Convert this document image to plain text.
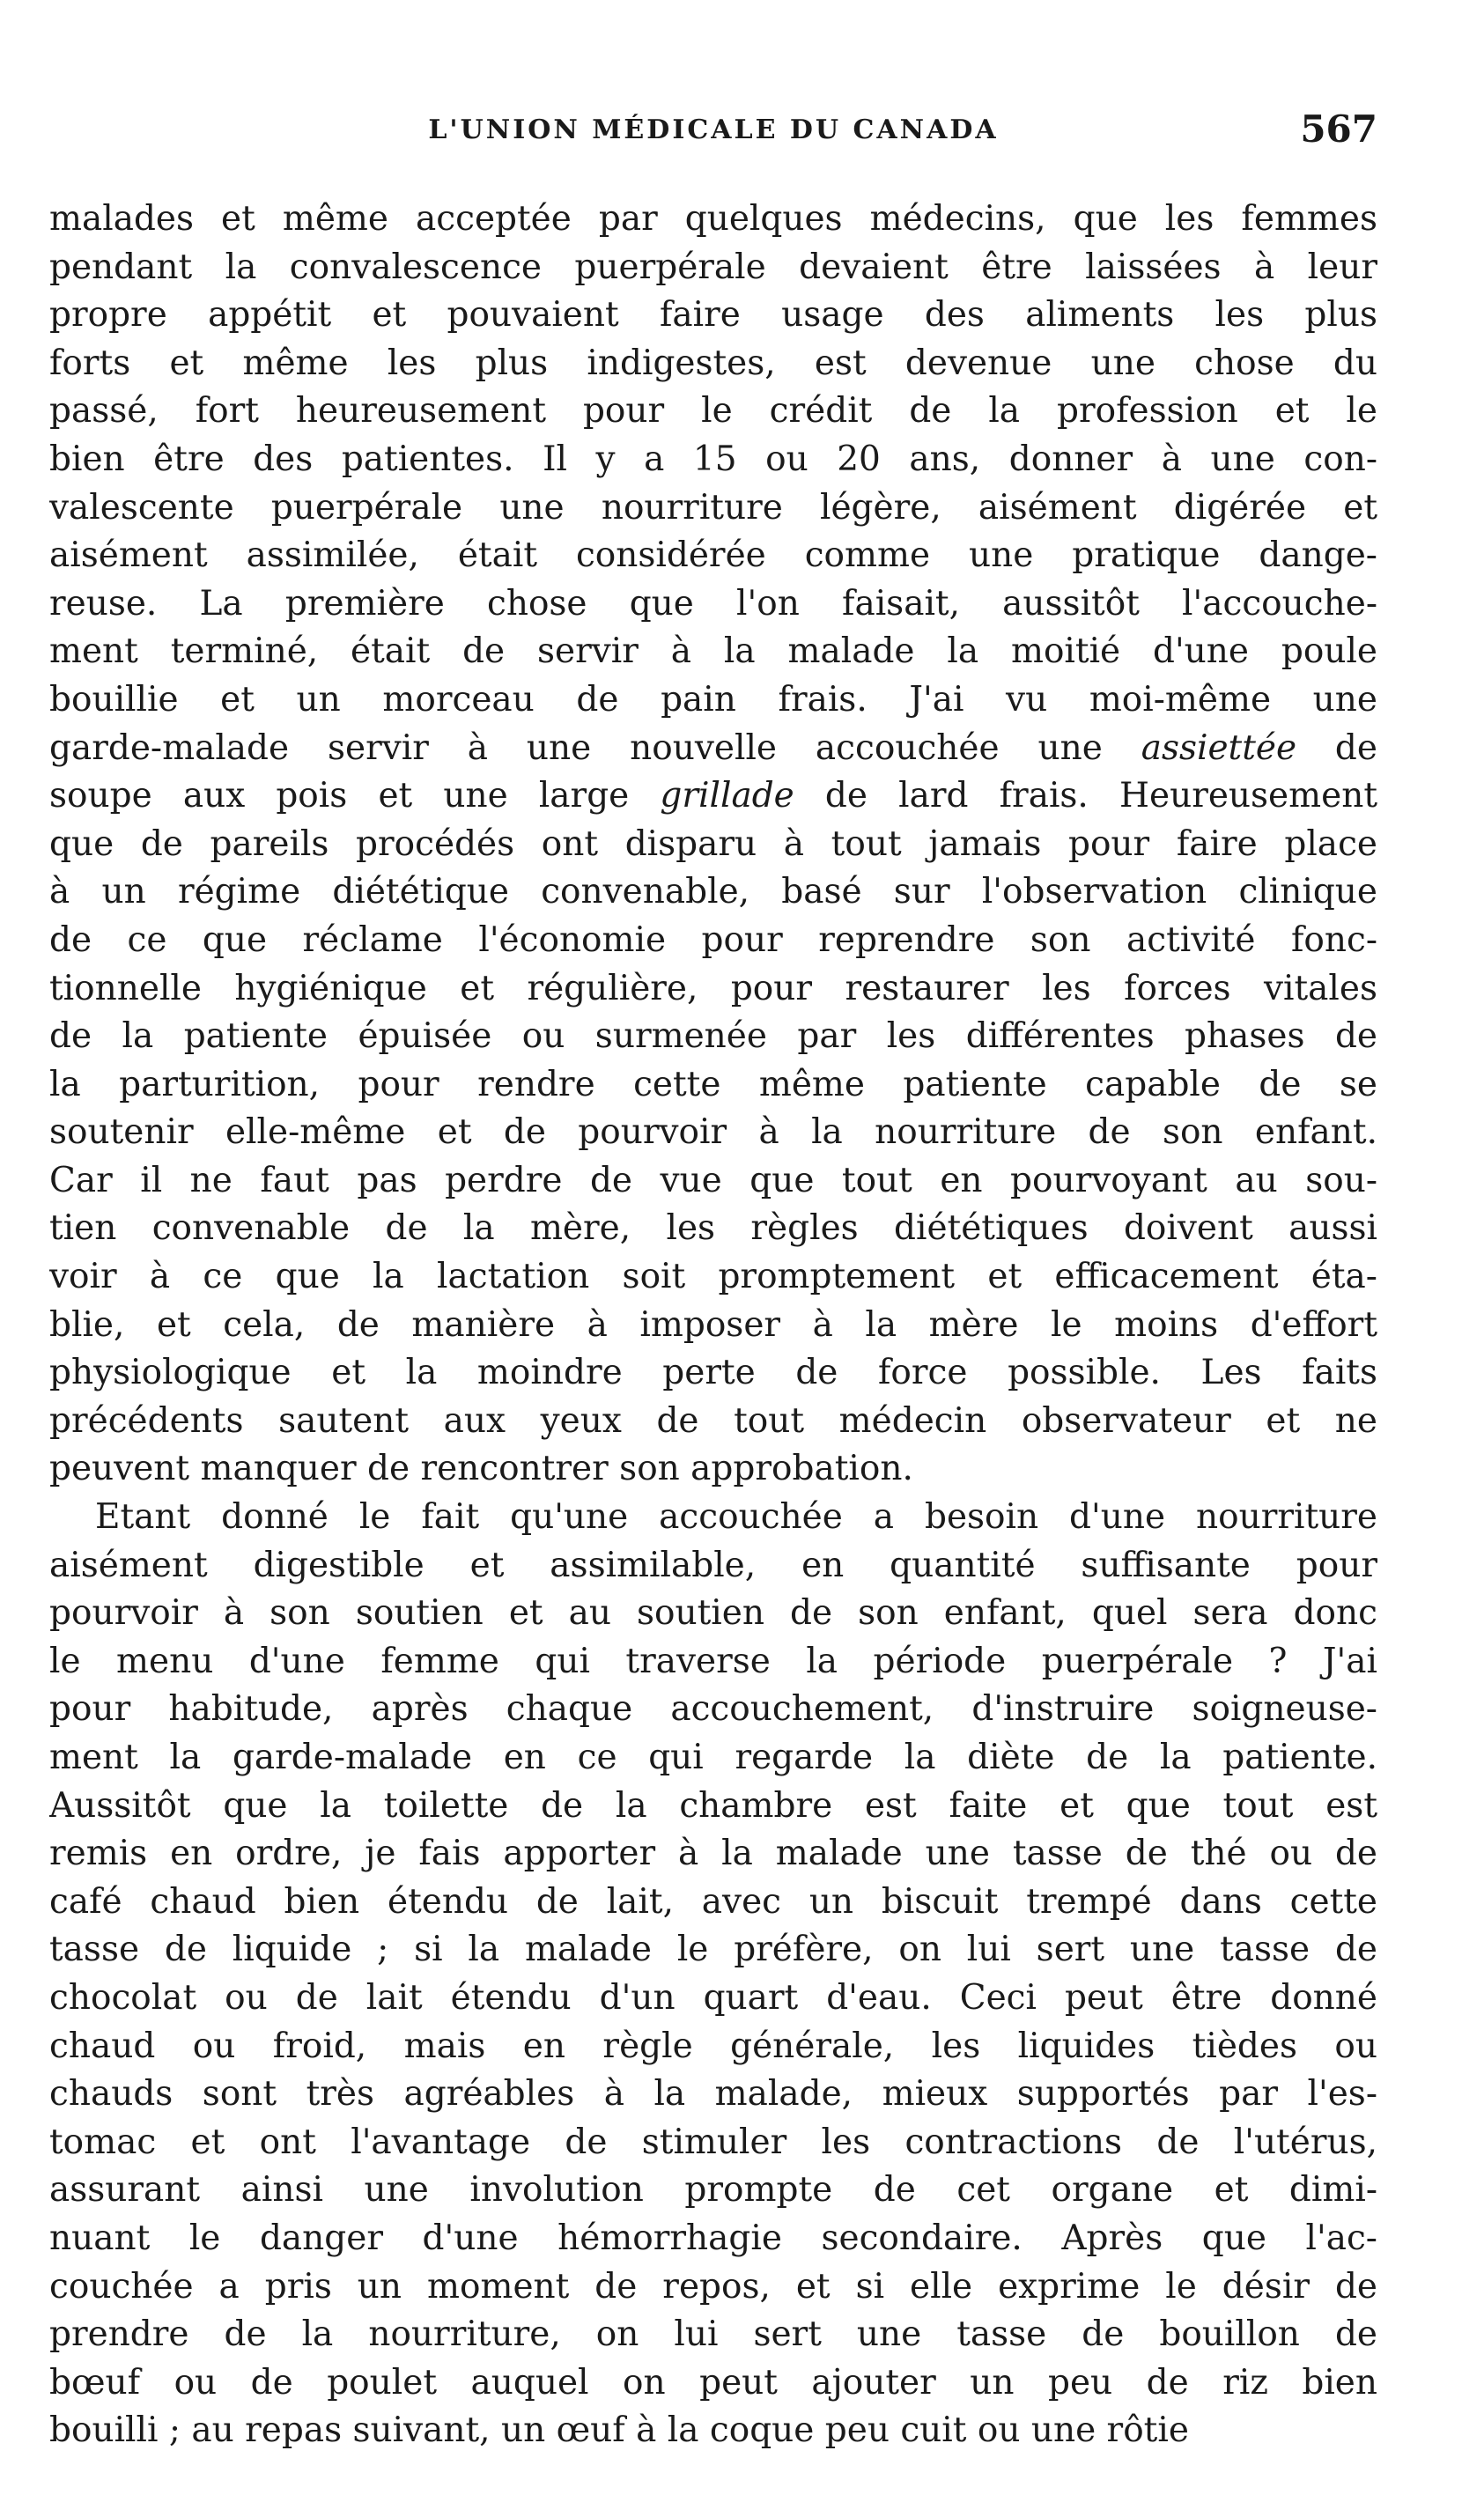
L'UNION MÉDICALE DU CANADA	567
malades et même acceptée par quelques médecins, que les femmes
pendant la convalescence puerpérale devaient être laissées à leur
propre appétit et pouvaient faire usage des aliments les plus
forts et même les plus indigestes, est devenue une chose du
passé, fort heureusement pour le crédit de la profession et le
bien être des patientes. Il y a 15 ou 20 ans, donner à une con-
valescente puerpérale une nourriture légère, aisément digérée et
aisément assimilée, était considérée comme une pratique dange-
reuse. La première chose que l'on faisait, aussitôt l'accouche-
ment terminé, était de servir à la malade la moitié d'une poule
bouillie et un morceau de pain frais. J'ai vu moi-même une
garde-malade servir à une nouvelle accouchée une assiettée de
soupe aux pois et une large grillade de lard frais. Heureusement
que de pareils procédés ont disparu à tout jamais pour faire place
à un régime diététique convenable, basé sur l'observation clinique
de ce que réclame l'économie pour reprendre son activité fonc-
tionnelle hygiénique et régulière, pour restaurer les forces vitales
de la patiente épuisée ou surmenée par les différentes phases de
la parturition, pour rendre cette même patiente capable de se
soutenir elle-même et de pourvoir à la nourriture de son enfant.
Car il ne faut pas perdre de vue que tout en pourvoyant au sou-
tien convenable de la mère, les règles diététiques doivent aussi
voir à ce que la lactation soit promptement et efficacement éta-
blie, et cela, de manière à imposer à la mère le moins d'effort
physiologique et la moindre perte de force possible. Les faits
précédents sautent aux yeux de tout médecin observateur et ne
peuvent manquer de rencontrer son approbation.
Etant donné le fait qu'une accouchée a besoin d'une nourriture
aisément digestible et assimilable, en quantité suffisante pour
pourvoir à son soutien et au soutien de son enfant, quel sera donc
le menu d'une femme qui traverse la période puerpérale ? J'ai
pour habitude, après chaque accouchement, d'instruire soigneuse-
ment la garde-malade en ce qui regarde la diète de la patiente.
Aussitôt que la toilette de la chambre est faite et que tout est
remis en ordre, je fais apporter à la malade une tasse de thé ou de
café chaud bien étendu de lait, avec un biscuit trempé dans cette
tasse de liquide ; si la malade le préfère, on lui sert une tasse de
chocolat ou de lait étendu d'un quart d'eau. Ceci peut être donné
chaud ou froid, mais en règle générale, les liquides tièdes ou
chauds sont très agréables à la malade, mieux supportés par l'es-
tomac et ont l'avantage de stimuler les contractions de l'utérus,
assurant ainsi une involution prompte de cet organe et dimi-
nuant le danger d'une hémorrhagie secondaire. Après que l'ac-
couchée a pris un moment de repos, et si elle exprime le désir de
prendre de la nourriture, on lui sert une tasse de bouillon de
bœuf ou de poulet auquel on peut ajouter un peu de riz bien
bouilli ; au repas suivant, un œuf à la coque peu cuit ou une rôtie
